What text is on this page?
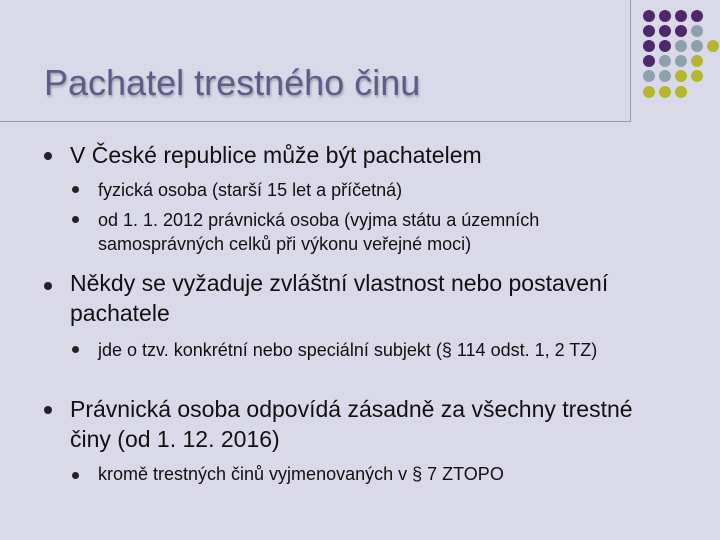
Pachatel trestného činu

V České republice může být pachatelem

fyzická osoba (starší 15 let a příčetná)

od 1. 1. 2012 právnická osoba (vyjma státu a územních samosprávných celků při výkonu veřejné moci)

Někdy se vyžaduje zvláštní vlastnost nebo postavení pachatele

jde o tzv. konkrétní nebo speciální subjekt (§ 114 odst. 1, 2 TZ)

Právnická osoba odpovídá zásadně za všechny trestné činy (od 1. 12. 2016)

kromě trestných činů vyjmenovaných v § 7 ZTOPO
